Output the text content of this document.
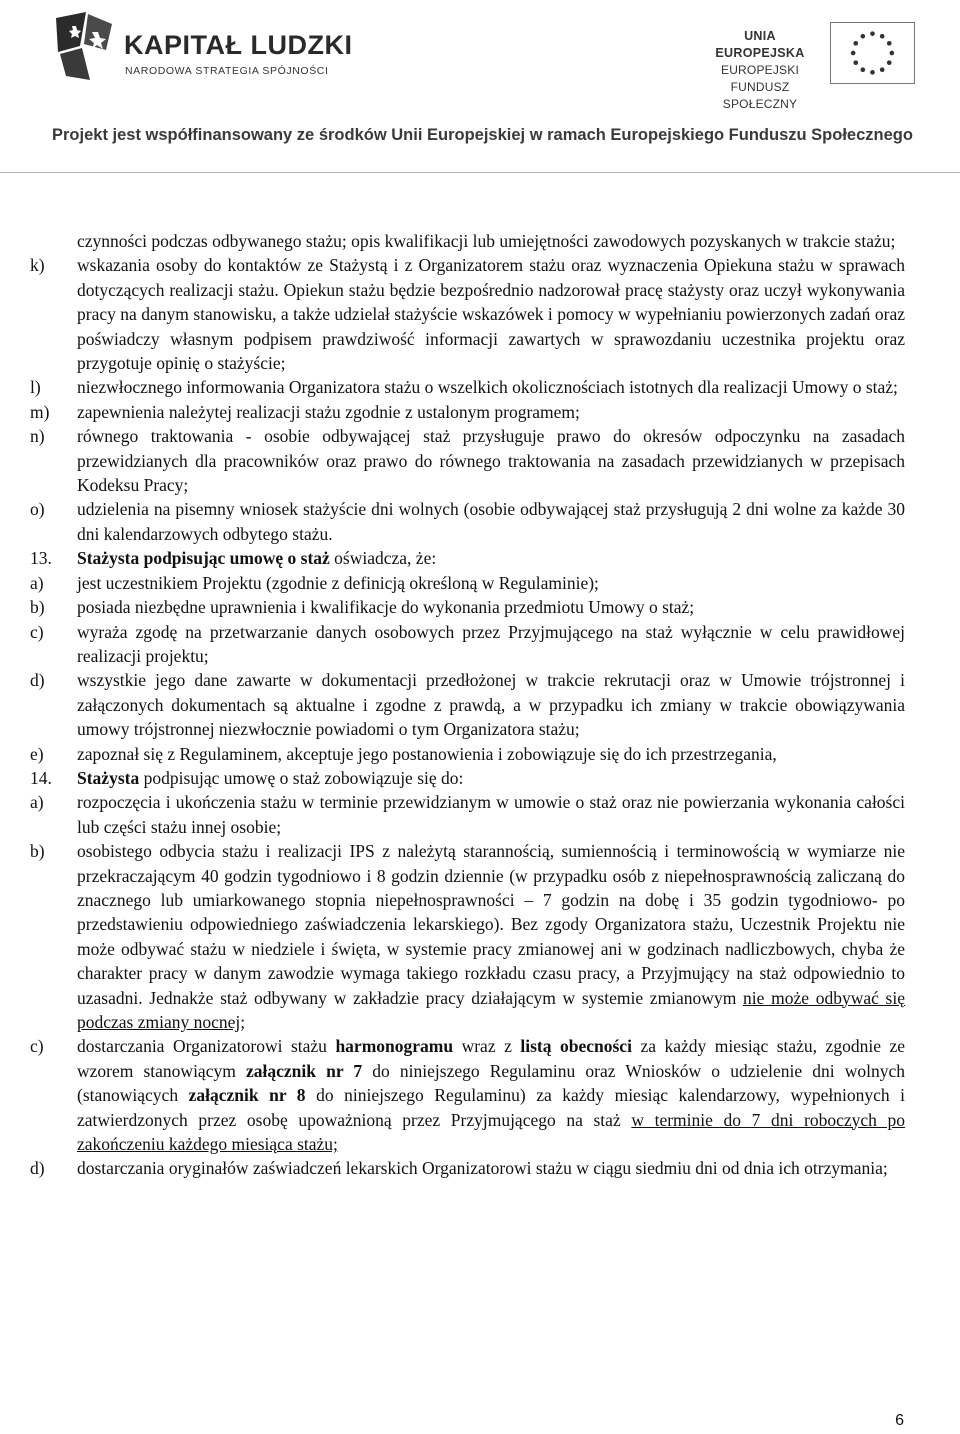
KAPITAŁ LUDZKI
NARODOWA STRATEGIA SPÓJNOŚCI
UNIA EUROPEJSKA
EUROPEJSKI
FUNDUSZ SPOŁECZNY
Projekt jest współfinansowany ze środków Unii Europejskiej w ramach Europejskiego Funduszu Społecznego

czynności podczas odbywanego stażu; opis kwalifikacji lub umiejętności zawodowych pozyskanych w trakcie stażu;

k)	wskazania osoby do kontaktów ze Stażystą i z Organizatorem stażu oraz wyznaczenia Opiekuna stażu w sprawach dotyczących realizacji stażu. Opiekun stażu będzie bezpośrednio nadzorował pracę stażysty oraz uczył wykonywania pracy na danym stanowisku, a także udzielał stażyście wskazówek i pomocy w wypełnianiu powierzonych zadań oraz poświadczy własnym podpisem prawdziwość informacji zawartych w sprawozdaniu uczestnika projektu oraz przygotuje opinię o stażyście;
l)	niezwłocznego informowania Organizatora stażu o wszelkich okolicznościach istotnych dla realizacji Umowy o staż;
m)	zapewnienia należytej realizacji stażu zgodnie z ustalonym programem;
n)	równego traktowania - osobie odbywającej staż przysługuje prawo do okresów odpoczynku na zasadach przewidzianych dla pracowników oraz prawo do równego traktowania na zasadach przewidzianych w przepisach Kodeksu Pracy;
o)	udzielenia na pisemny wniosek stażyście dni wolnych (osobie odbywającej staż przysługują 2 dni wolne za każde 30 dni kalendarzowych odbytego stażu.
13.	Stażysta podpisując umowę o staż oświadcza, że:
a)	jest uczestnikiem Projektu (zgodnie z definicją określoną w Regulaminie);
b)	posiada niezbędne uprawnienia i kwalifikacje do wykonania przedmiotu Umowy o staż;
c)	wyraża zgodę na przetwarzanie danych osobowych przez Przyjmującego na staż wyłącznie w celu prawidłowej realizacji projektu;
d)	wszystkie jego dane zawarte w dokumentacji przedłożonej w trakcie rekrutacji oraz w Umowie trójstronnej i załączonych dokumentach są aktualne i zgodne z prawdą, a w przypadku ich zmiany w trakcie obowiązywania umowy trójstronnej niezwłocznie powiadomi o tym Organizatora stażu;
e)	zapoznał się z Regulaminem, akceptuje jego postanowienia i zobowiązuje się do ich przestrzegania,
14.	Stażysta podpisując umowę o staż zobowiązuje się do:
a)	rozpoczęcia i ukończenia stażu w terminie przewidzianym w umowie o staż oraz nie powierzania wykonania całości lub części stażu innej osobie;
b)	osobistego odbycia stażu i realizacji IPS z należytą starannością, sumiennością i terminowością w wymiarze nie przekraczającym 40 godzin tygodniowo i 8 godzin dziennie (w przypadku osób z niepełnosprawnością zaliczaną do znacznego lub umiarkowanego stopnia niepełnosprawności – 7 godzin na dobę i 35 godzin tygodniowo- po przedstawieniu odpowiedniego zaświadczenia lekarskiego). Bez zgody Organizatora stażu, Uczestnik Projektu nie może odbywać stażu w niedziele i święta, w systemie pracy zmianowej ani w godzinach nadliczbowych, chyba że charakter pracy w danym zawodzie wymaga takiego rozkładu czasu pracy, a Przyjmujący na staż odpowiednio to uzasadni. Jednakże staż odbywany w zakładzie pracy działającym w systemie zmianowym nie może odbywać się podczas zmiany nocnej;
c)	dostarczania Organizatorowi stażu harmonogramu wraz z listą obecności za każdy miesiąc stażu, zgodnie ze wzorem stanowiącym załącznik nr 7 do niniejszego Regulaminu oraz Wniosków o udzielenie dni wolnych (stanowiących załącznik nr 8 do niniejszego Regulaminu) za każdy miesiąc kalendarzowy, wypełnionych i zatwierdzonych przez osobę upoważnioną przez Przyjmującego na staż w terminie do 7 dni roboczych po zakończeniu każdego miesiąca stażu;
d)	dostarczania oryginałów zaświadczeń lekarskich Organizatorowi stażu w ciągu siedmiu dni od dnia ich otrzymania;
6
